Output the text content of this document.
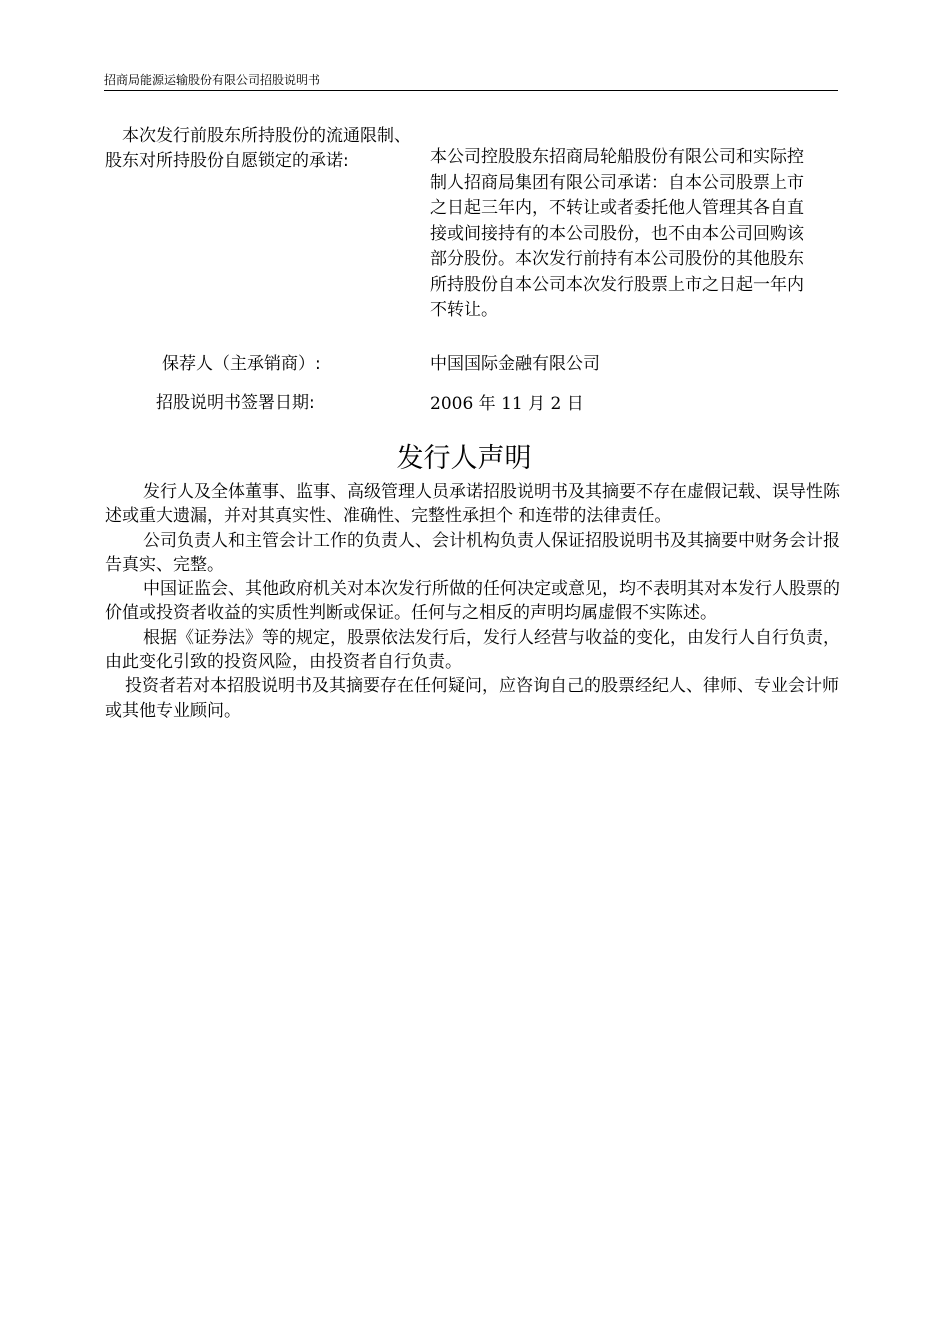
招商局能源运输股份有限公司招股说明书
本次发行前股东所持股份的流通限制、股东对所持股份自愿锁定的承诺:	本公司控股股东招商局轮船股份有限公司和实际控制人招商局集团有限公司承诺：自本公司股票上市之日起三年内，不转让或者委托他人管理其各自直接或间接持有的本公司股份，也不由本公司回购该部分股份。本次发行前持有本公司股份的其他股东所持股份自本公司本次发行股票上市之日起一年内不转让。
保荐人（主承销商）:	中国国际金融有限公司
招股说明书签署日期:	2006 年 11 月 2 日
发行人声明

发行人及全体董事、监事、高级管理人员承诺招股说明书及其摘要不存在虚假记载、误导性陈述或重大遗漏，并对其真实性、准确性、完整性承担个 和连带的法律责任。

公司负责人和主管会计工作的负责人、会计机构负责人保证招股说明书及其摘要中财务会计报告真实、完整。

中国证监会、其他政府机关对本次发行所做的任何决定或意见，均不表明其对本发行人股票的价值或投资者收益的实质性判断或保证。任何与之相反的声明均属虚假不实陈述。

根据《证券法》等的规定，股票依法发行后，发行人经营与收益的变化，由发行人自行负责，由此变化引致的投资风险，由投资者自行负责。

投资者若对本招股说明书及其摘要存在任何疑问，应咨询自己的股票经纪人、律师、专业会计师或其他专业顾问。
